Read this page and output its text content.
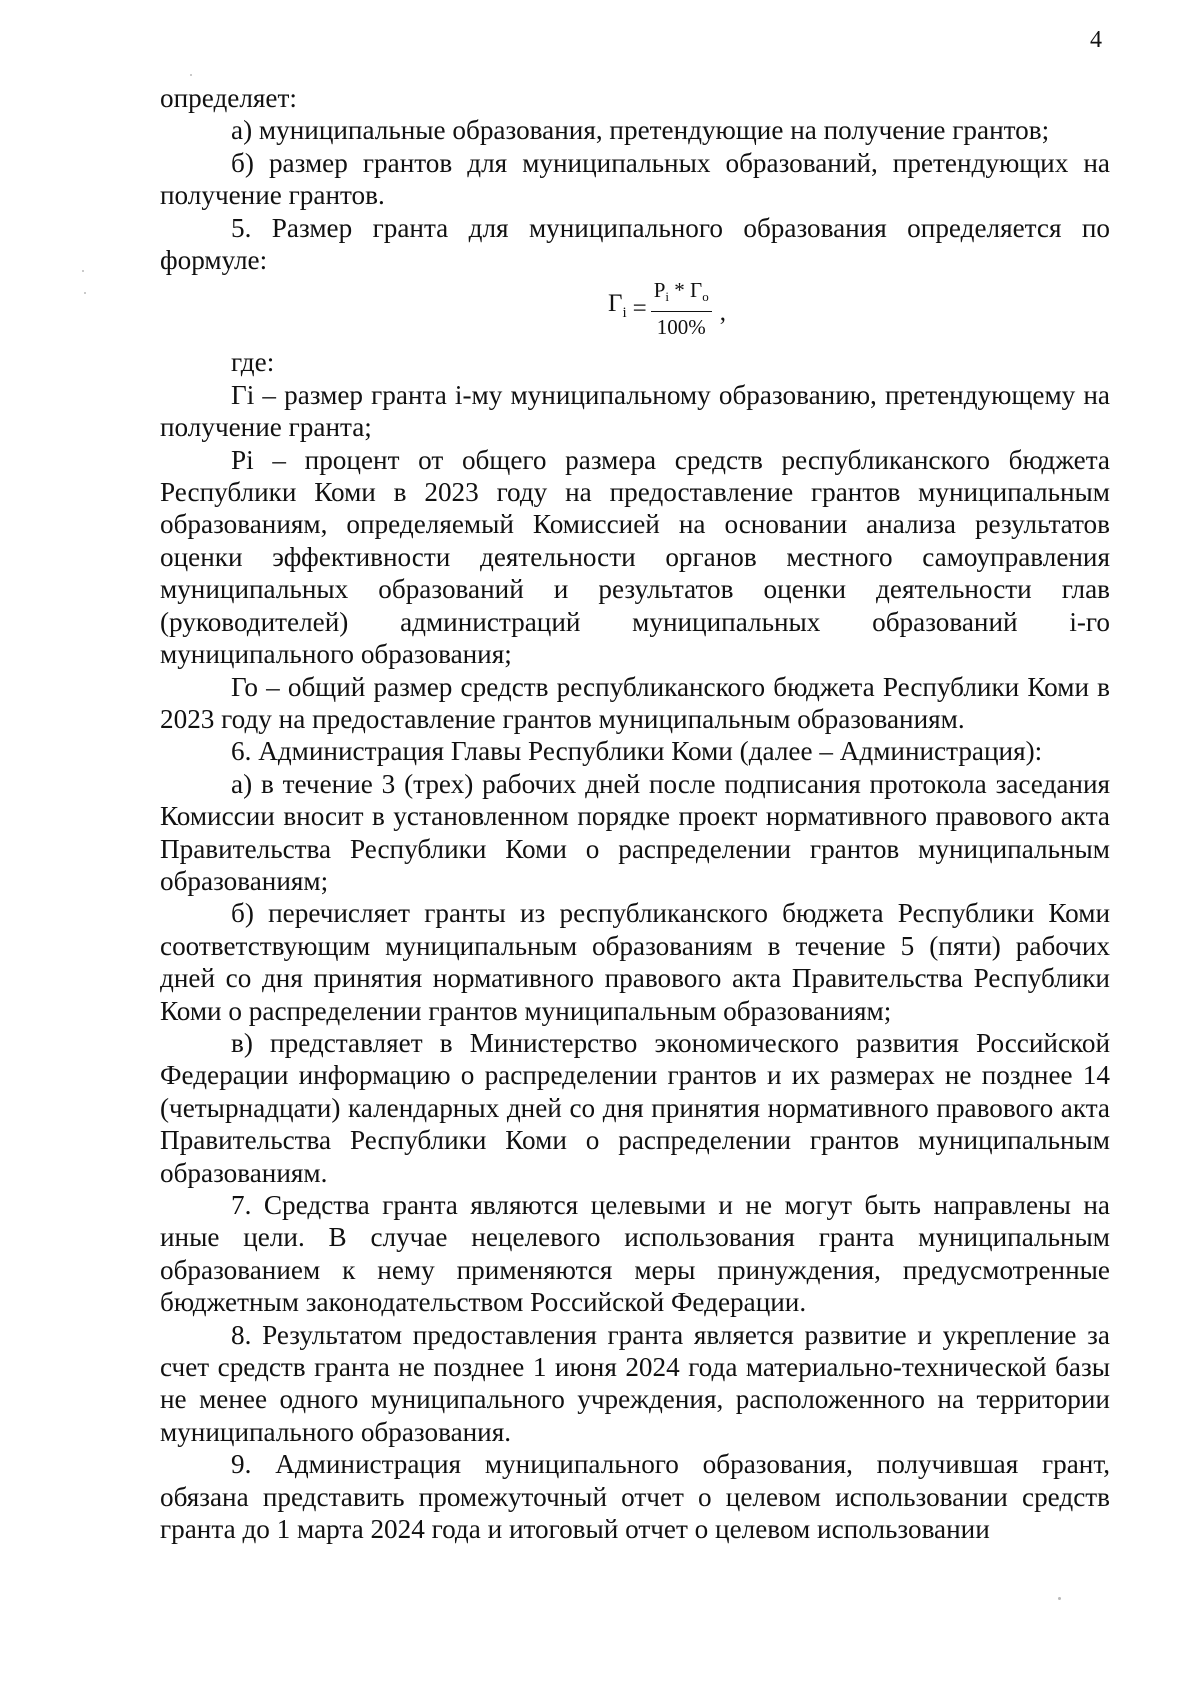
4

определяет:

а) муниципальные образования, претендующие на получение грантов;

б) размер грантов для муниципальных образований, претендующих на получение грантов.

5. Размер гранта для муниципального образования определяется по формуле:

$Г_i = \frac{P_i * Г_о}{100\%}$ ,

где:

Гi – размер гранта i-му муниципальному образованию, претендующему на получение гранта;

Pi – процент от общего размера средств республиканского бюджета Республики Коми в 2023 году на предоставление грантов муниципальным образованиям, определяемый Комиссией на основании анализа результатов оценки эффективности деятельности органов местного самоуправления муниципальных образований и результатов оценки деятельности глав (руководителей) администраций муниципальных образований i-го муниципального образования;

Го – общий размер средств республиканского бюджета Республики Коми в 2023 году на предоставление грантов муниципальным образованиям.

6. Администрация Главы Республики Коми (далее – Администрация):

а) в течение 3 (трех) рабочих дней после подписания протокола заседания Комиссии вносит в установленном порядке проект нормативного правового акта Правительства Республики Коми о распределении грантов муниципальным образованиям;

б) перечисляет гранты из республиканского бюджета Республики Коми соответствующим муниципальным образованиям в течение 5 (пяти) рабочих дней со дня принятия нормативного правового акта Правительства Республики Коми о распределении грантов муниципальным образованиям;

в) представляет в Министерство экономического развития Российской Федерации информацию о распределении грантов и их размерах не позднее 14 (четырнадцати) календарных дней со дня принятия нормативного правового акта Правительства Республики Коми о распределении грантов муниципальным образованиям.

7. Средства гранта являются целевыми и не могут быть направлены на иные цели. В случае нецелевого использования гранта муниципальным образованием к нему применяются меры принуждения, предусмотренные бюджетным законодательством Российской Федерации.

8. Результатом предоставления гранта является развитие и укрепление за счет средств гранта не позднее 1 июня 2024 года материально-технической базы не менее одного муниципального учреждения, расположенного на территории муниципального образования.

9. Администрация муниципального образования, получившая грант, обязана представить промежуточный отчет о целевом использовании средств гранта до 1 марта 2024 года и итоговый отчет о целевом использовании
